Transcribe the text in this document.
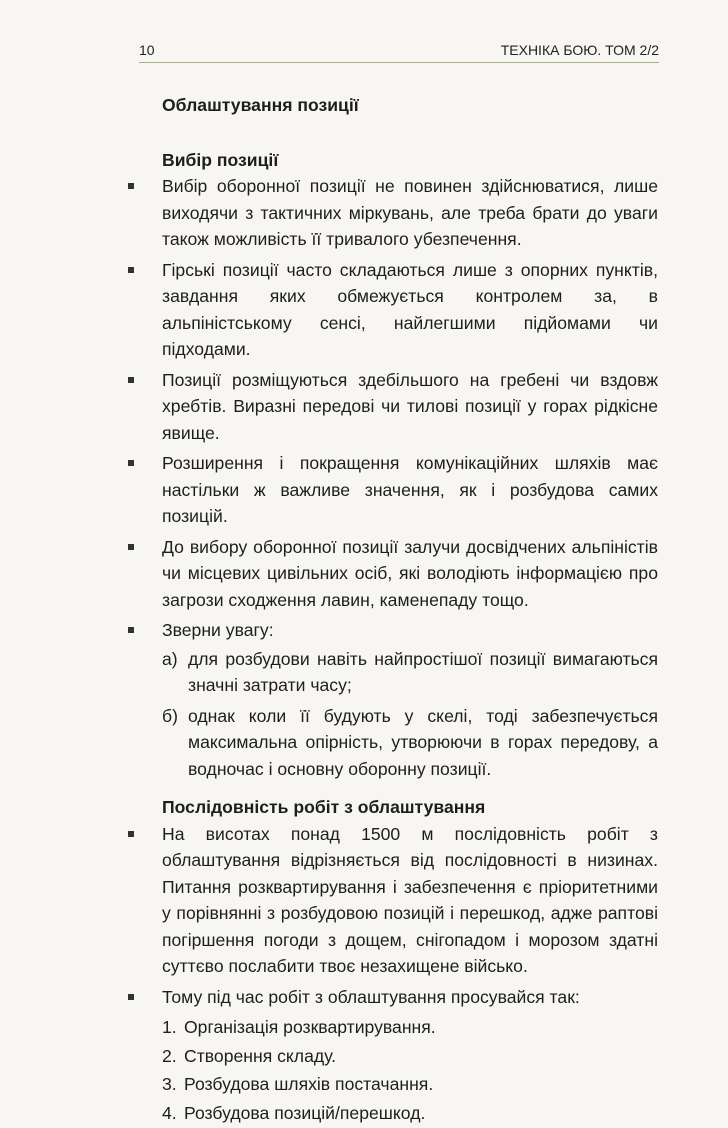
10	ТЕХНІКА БОЮ. ТОМ 2/2
Облаштування позиції
Вибір позиції
Вибір оборонної позиції не повинен здійснюватися, лише виходячи з тактичних міркувань, але треба брати до уваги також можливість її тривалого убезпечення.
Гірські позиції часто складаються лише з опорних пунктів, завдання яких обмежується контролем за, в альпіністському сенсі, найлегшими підйомами чи підходами.
Позиції розміщуються здебільшого на гребені чи вздовж хребтів. Виразні передові чи тилові позиції у горах рідкісне явище.
Розширення і покращення комунікаційних шляхів має настільки ж важливе значення, як і розбудова самих позицій.
До вибору оборонної позиції залучи досвідчених альпіністів чи місцевих цивільних осіб, які володіють інформацією про загрози сходження лавин, каменепаду тощо.
Зверни увагу:
а) для розбудови навіть найпростішої позиції вимагаються значні затрати часу;
б) однак коли її будують у скелі, тоді забезпечується максимальна опірність, утворюючи в горах передову, а водночас і основну оборонну позиції.
Послідовність робіт з облаштування
На висотах понад 1500 м послідовність робіт з облаштування відрізняється від послідовності в низинах. Питання розквартирування і забезпечення є пріоритетними у порівнянні з розбудовою позицій і перешкод, адже раптові погіршення погоди з дощем, снігопадом і морозом здатні суттєво послабити твоє незахищене військо.
Тому під час робіт з облаштування просувайся так:
1. Організація розквартирування.
2. Створення складу.
3. Розбудова шляхів постачання.
4. Розбудова позицій/перешкод.
